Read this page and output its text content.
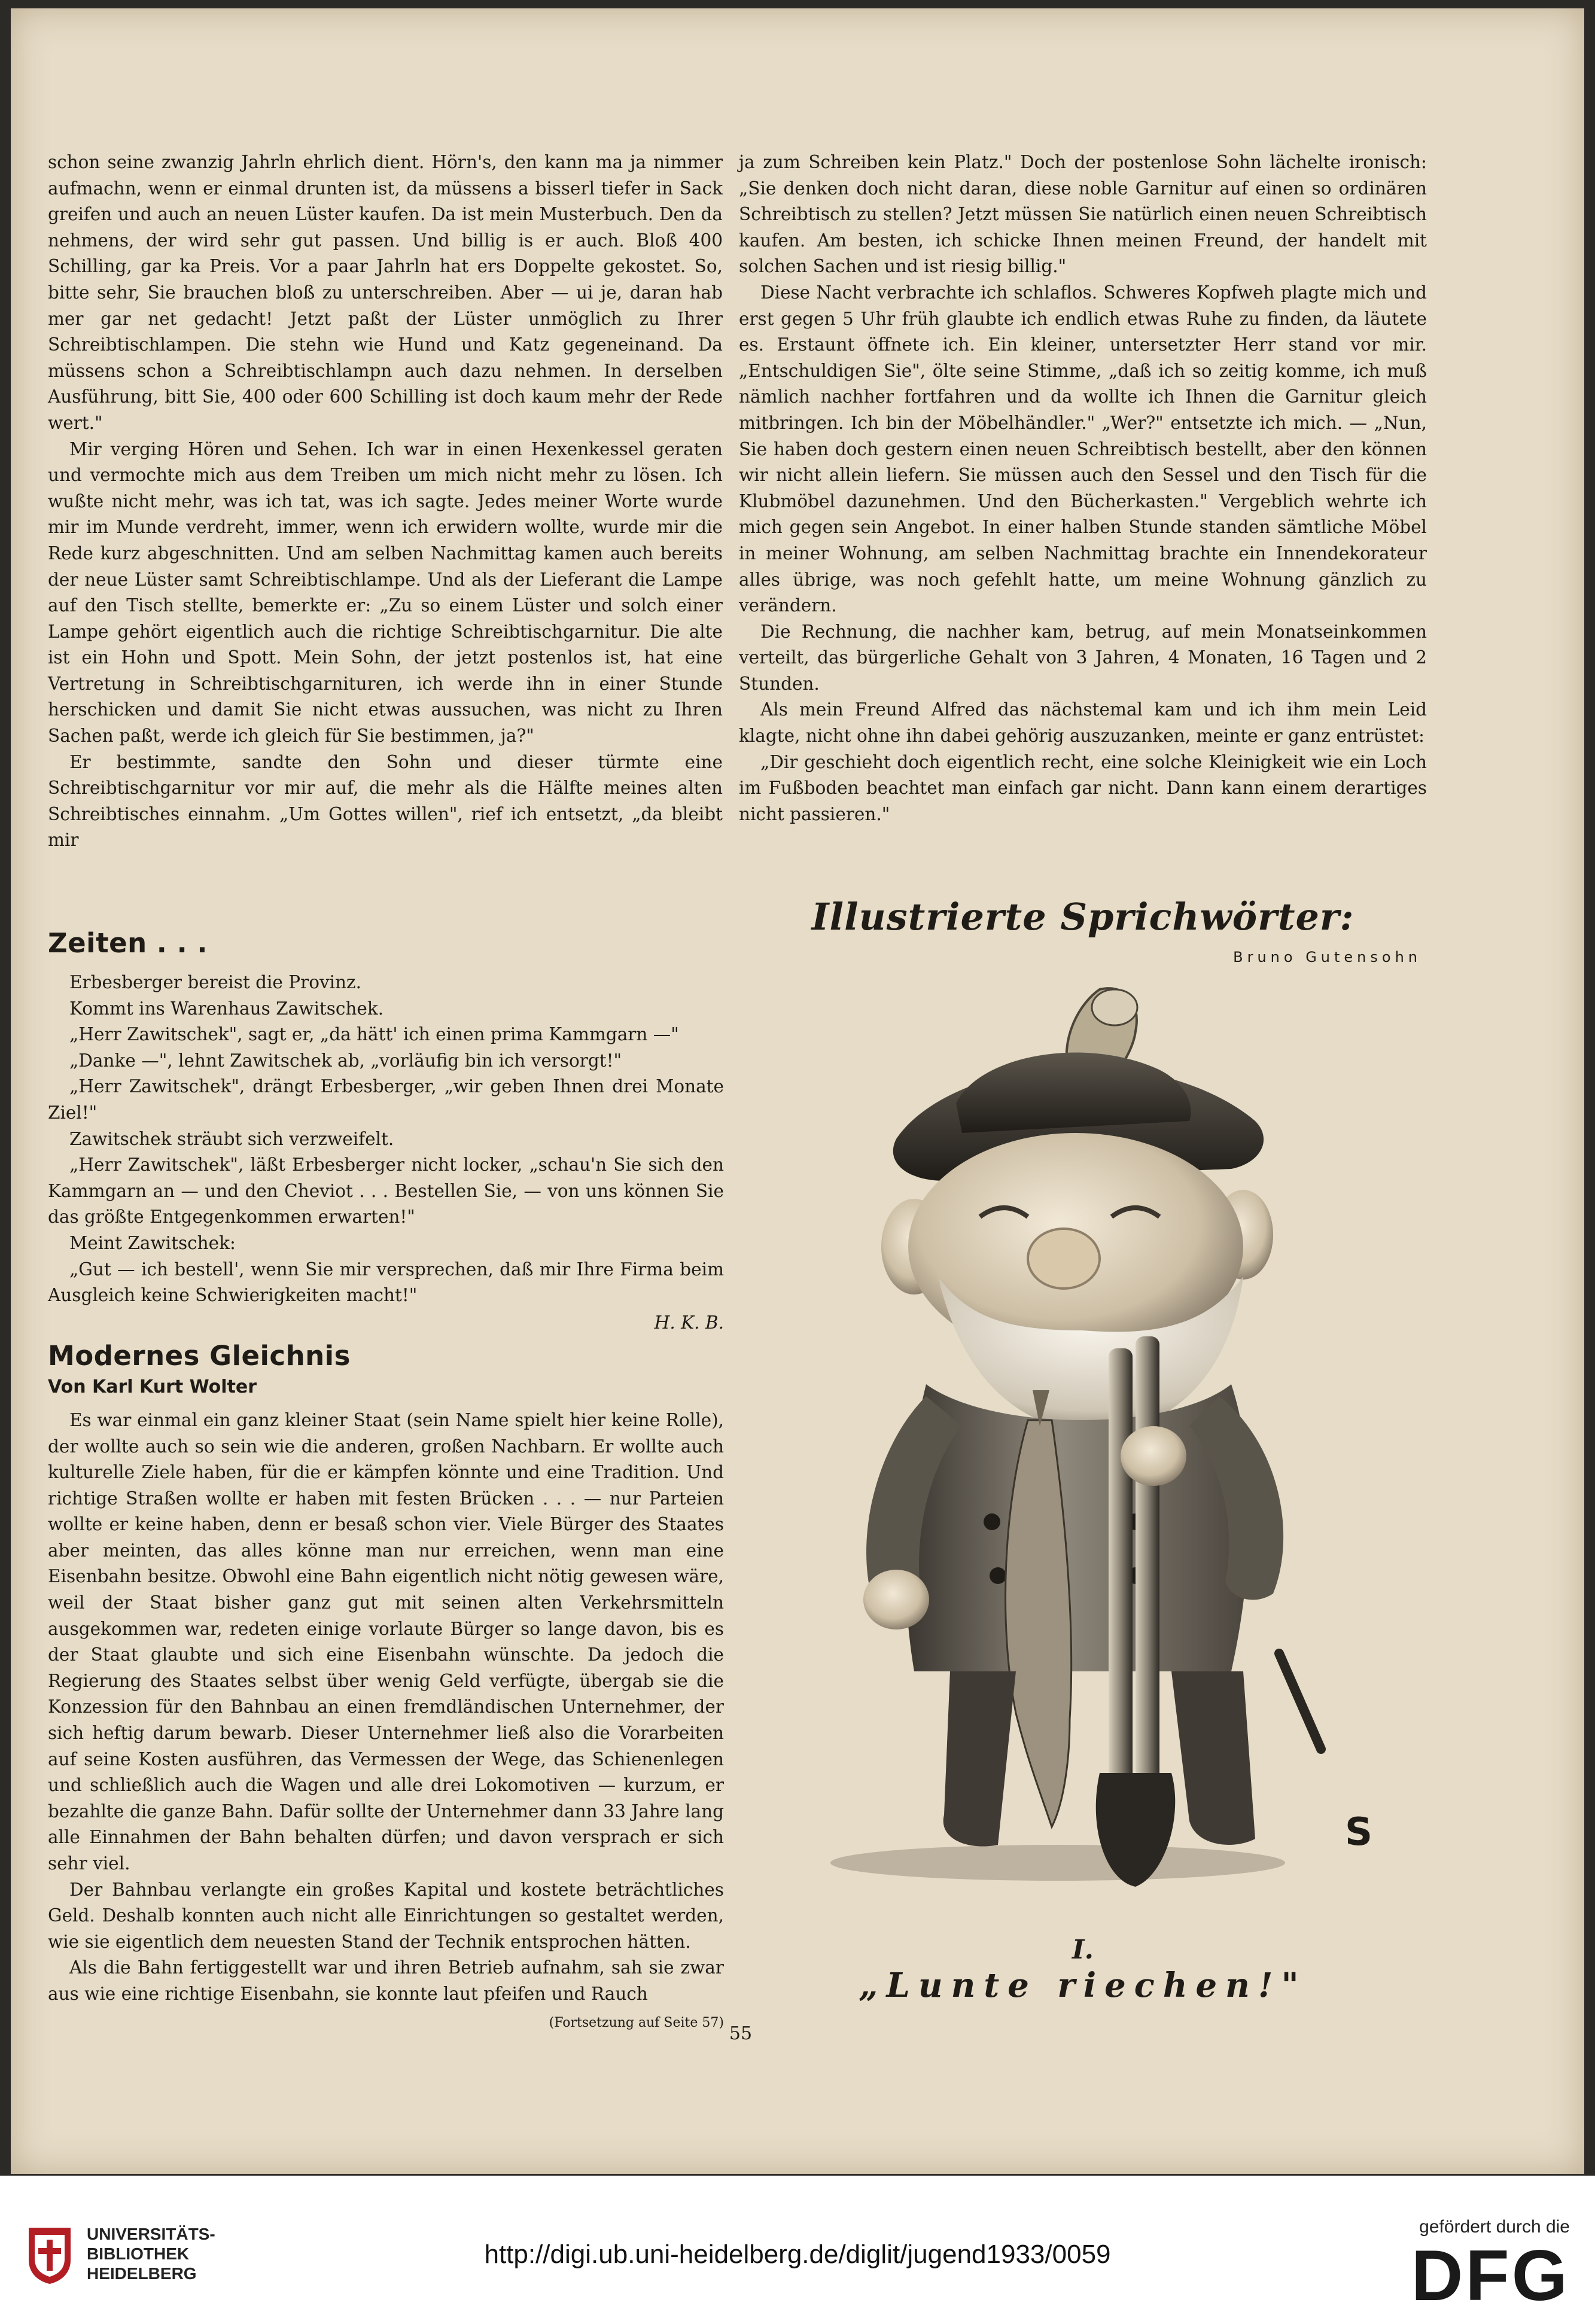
schon seine zwanzig Jahrln ehrlich dient. Hörn's, den kann ma ja nimmer aufmachn, wenn er einmal drunten ist, da müssens a bisserl tiefer in Sack greifen und auch an neuen Lüster kaufen. Da ist mein Musterbuch. Den da nehmens, der wird sehr gut passen. Und billig is er auch. Bloß 400 Schilling, gar ka Preis. Vor a paar Jahrln hat ers Doppelte gekostet. So, bitte sehr, Sie brauchen bloß zu unterschreiben. Aber — ui je, daran hab mer gar net gedacht! Jetzt paßt der Lüster unmöglich zu Ihrer Schreibtischlampen. Die stehn wie Hund und Katz gegeneinand. Da müssens schon a Schreibtischlampn auch dazu nehmen. In derselben Ausführung, bitt Sie, 400 oder 600 Schilling ist doch kaum mehr der Rede wert."

Mir verging Hören und Sehen. Ich war in einen Hexenkessel geraten und vermochte mich aus dem Treiben um mich nicht mehr zu lösen. Ich wußte nicht mehr, was ich tat, was ich sagte. Jedes meiner Worte wurde mir im Munde verdreht, immer, wenn ich erwidern wollte, wurde mir die Rede kurz abgeschnitten. Und am selben Nachmittag kamen auch bereits der neue Lüster samt Schreibtischlampe. Und als der Lieferant die Lampe auf den Tisch stellte, bemerkte er: „Zu so einem Lüster und solch einer Lampe gehört eigentlich auch die richtige Schreibtischgarnitur. Die alte ist ein Hohn und Spott. Mein Sohn, der jetzt postenlos ist, hat eine Vertretung in Schreibtischgarnituren, ich werde ihn in einer Stunde herschicken und damit Sie nicht etwas aussuchen, was nicht zu Ihren Sachen paßt, werde ich gleich für Sie bestimmen, ja?"

Er bestimmte, sandte den Sohn und dieser türmte eine Schreibtischgarnitur vor mir auf, die mehr als die Hälfte meines alten Schreibtisches einnahm. „Um Gottes willen", rief ich entsetzt, „da bleibt mir

ja zum Schreiben kein Platz." Doch der postenlose Sohn lächelte ironisch: „Sie denken doch nicht daran, diese noble Garnitur auf einen so ordinären Schreibtisch zu stellen? Jetzt müssen Sie natürlich einen neuen Schreibtisch kaufen. Am besten, ich schicke Ihnen meinen Freund, der handelt mit solchen Sachen und ist riesig billig."

Diese Nacht verbrachte ich schlaflos. Schweres Kopfweh plagte mich und erst gegen 5 Uhr früh glaubte ich endlich etwas Ruhe zu finden, da läutete es. Erstaunt öffnete ich. Ein kleiner, untersetzter Herr stand vor mir. „Entschuldigen Sie", ölte seine Stimme, „daß ich so zeitig komme, ich muß nämlich nachher fortfahren und da wollte ich Ihnen die Garnitur gleich mitbringen. Ich bin der Möbelhändler." „Wer?" entsetzte ich mich. — „Nun, Sie haben doch gestern einen neuen Schreibtisch bestellt, aber den können wir nicht allein liefern. Sie müssen auch den Sessel und den Tisch für die Klubmöbel dazunehmen. Und den Bücherkasten." Vergeblich wehrte ich mich gegen sein Angebot. In einer halben Stunde standen sämtliche Möbel in meiner Wohnung, am selben Nachmittag brachte ein Innendekorateur alles übrige, was noch gefehlt hatte, um meine Wohnung gänzlich zu verändern.

Die Rechnung, die nachher kam, betrug, auf mein Monatseinkommen verteilt, das bürgerliche Gehalt von 3 Jahren, 4 Monaten, 16 Tagen und 2 Stunden.

Als mein Freund Alfred das nächstemal kam und ich ihm mein Leid klagte, nicht ohne ihn dabei gehörig auszuzanken, meinte er ganz entrüstet:

„Dir geschieht doch eigentlich recht, eine solche Kleinigkeit wie ein Loch im Fußboden beachtet man einfach gar nicht. Dann kann einem derartiges nicht passieren."

Zeiten . . .

Erbesberger bereist die Provinz.

Kommt ins Warenhaus Zawitschek.

„Herr Zawitschek", sagt er, „da hätt' ich einen prima Kammgarn —"

„Danke —", lehnt Zawitschek ab, „vorläufig bin ich versorgt!"

„Herr Zawitschek", drängt Erbesberger, „wir geben Ihnen drei Monate Ziel!"

Zawitschek sträubt sich verzweifelt.

„Herr Zawitschek", läßt Erbesberger nicht locker, „schau'n Sie sich den Kammgarn an — und den Cheviot . . . Bestellen Sie, — von uns können Sie das größte Entgegenkommen erwarten!"

Meint Zawitschek:

„Gut — ich bestell', wenn Sie mir versprechen, daß mir Ihre Firma beim Ausgleich keine Schwierigkeiten macht!"

H. K. B.
Modernes Gleichnis
Von Karl Kurt Wolter

Es war einmal ein ganz kleiner Staat (sein Name spielt hier keine Rolle), der wollte auch so sein wie die anderen, großen Nachbarn. Er wollte auch kulturelle Ziele haben, für die er kämpfen könnte und eine Tradition. Und richtige Straßen wollte er haben mit festen Brücken . . . — nur Parteien wollte er keine haben, denn er besaß schon vier. Viele Bürger des Staates aber meinten, das alles könne man nur erreichen, wenn man eine Eisenbahn besitze. Obwohl eine Bahn eigentlich nicht nötig gewesen wäre, weil der Staat bisher ganz gut mit seinen alten Verkehrsmitteln ausgekommen war, redeten einige vorlaute Bürger so lange davon, bis es der Staat glaubte und sich eine Eisenbahn wünschte. Da jedoch die Regierung des Staates selbst über wenig Geld verfügte, übergab sie die Konzession für den Bahnbau an einen fremdländischen Unternehmer, der sich heftig darum bewarb. Dieser Unternehmer ließ also die Vorarbeiten auf seine Kosten ausführen, das Vermessen der Wege, das Schienenlegen und schließlich auch die Wagen und alle drei Lokomotiven — kurzum, er bezahlte die ganze Bahn. Dafür sollte der Unternehmer dann 33 Jahre lang alle Einnahmen der Bahn behalten dürfen; und davon versprach er sich sehr viel.

Der Bahnbau verlangte ein großes Kapital und kostete beträchtliches Geld. Deshalb konnten auch nicht alle Einrichtungen so gestaltet werden, wie sie eigentlich dem neuesten Stand der Technik entsprochen hätten.

Als die Bahn fertiggestellt war und ihren Betrieb aufnahm, sah sie zwar aus wie eine richtige Eisenbahn, sie konnte laut pfeifen und Rauch

(Fortsetzung auf Seite 57)
Illustrierte Sprichwörter:
Bruno Gutensohn
S
I.
„Lunte riechen!"
55
UNIVERSITÄTS-
BIBLIOTHEK
HEIDELBERG
http://digi.ub.uni-heidelberg.de/diglit/jugend1933/0059
gefördert durch die
DFG
